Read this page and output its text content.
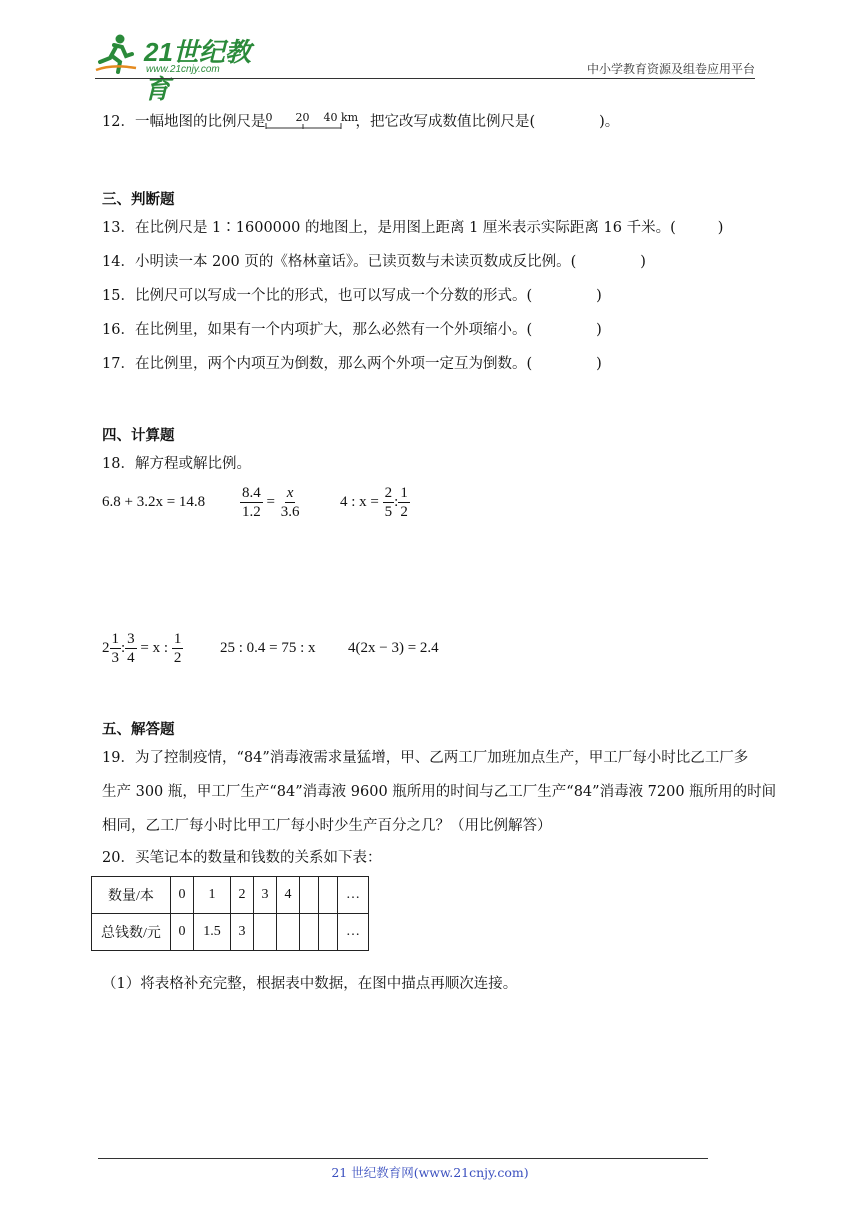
21世纪教育
www.21cnjy.com	中小学教育资源及组卷应用平台
12．一幅地图的比例尺是 0 20 40 km
，把它改写成数值比例尺是(	)。
三、判断题
13．在比例尺是 1∶1600000 的地图上，是用图上距离 1 厘米表示实际距离 16 千米。(	)
14．小明读一本 200 页的《格林童话》。已读页数与未读页数成反比例。(	)
15．比例尺可以写成一个比的形式，也可以写成一个分数的形式。(	)
16．在比例里，如果有一个内项扩大，那么必然有一个外项缩小。(	)
17．在比例里，两个内项互为倒数，那么两个外项一定互为倒数。(	)
四、计算题
18．解方程或解比例。
$6.8 + 3.2x = 14.8 \frac{8.4}{1.2} = \frac{x}{3.6}$	4 : $x = \frac{2}{5}$ : $\frac{1}{2}$
$2 \frac{1}{3}$ : $\frac{3}{4} = x$ : $\frac{1}{2} 25$ : 0.4 = 75 : x 4(2x − 3) = 2.4
五、解答题
19．为了控制疫情，“84”消毒液需求量猛增，甲、乙两工厂加班加点生产，甲工厂每小时比乙工厂多
生产 300 瓶，甲工厂生产“84”消毒液 9600 瓶所用的时间与乙工厂生产“84”消毒液 7200 瓶所用的时间
相同，乙工厂每小时比甲工厂每小时少生产百分之几？（用比例解答）
20．买笔记本的数量和钱数的关系如下表：
数量/本	0	1	2	3	4			…
总钱数/元	0	1.5	3					…
（1）将表格补充完整，根据表中数据，在图中描点再顺次连接。
21 世纪教育网(www.21cnjy.com)
